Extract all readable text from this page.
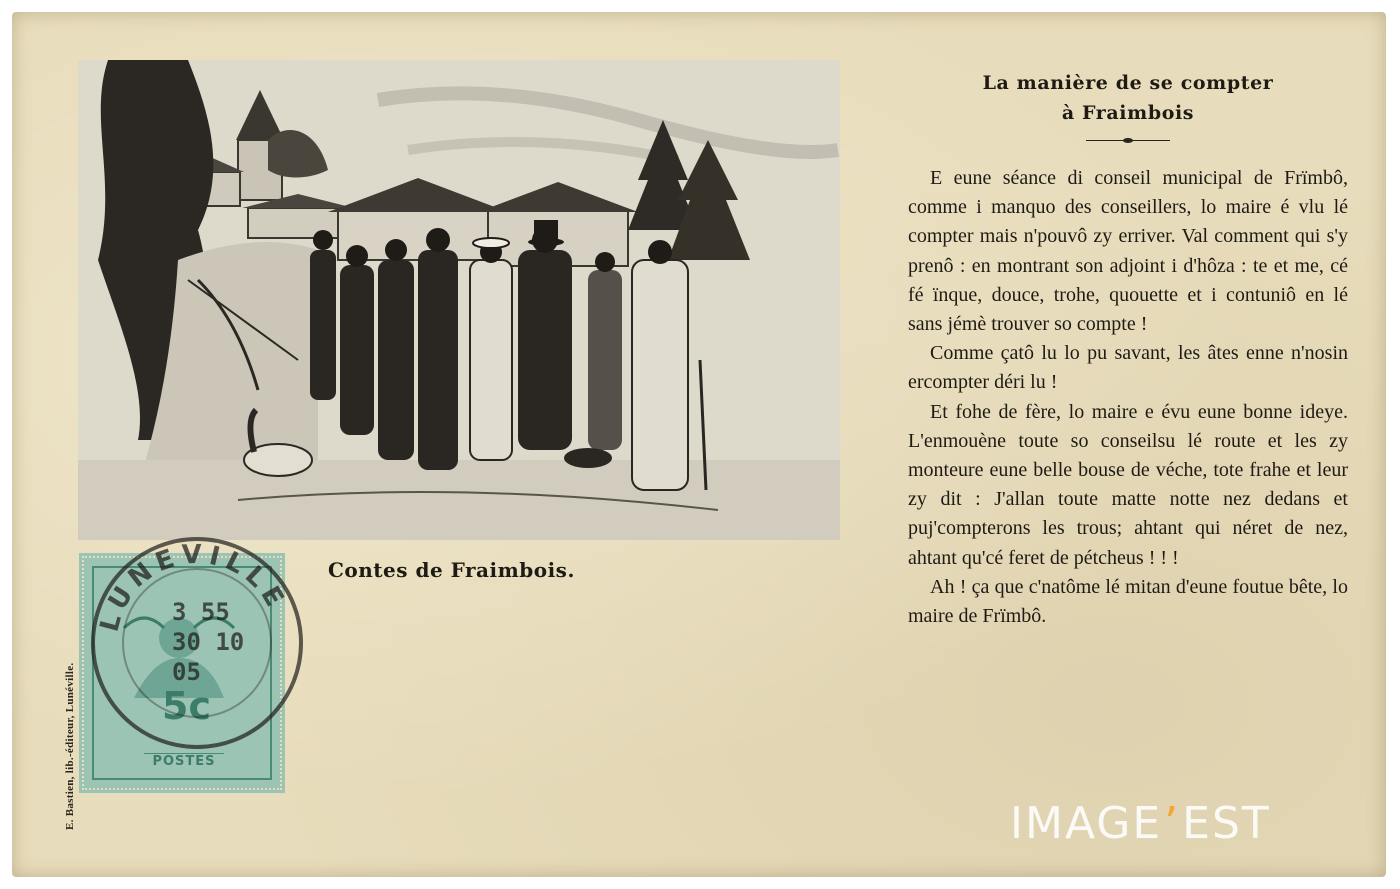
Contes de Fraimbois.
E. Bastien, lib.-éditeur, Lunéville. 5c
POSTES
LUNEVILLE
3 55
30 10
05
La manière de se compter
à Fraimbois

E eune séance di conseil municipal de Frïmbô, comme i manquo des conseillers, lo maire é vlu lé compter mais n'pouvô zy erriver. Val comment qui s'y prenô : en montrant son adjoint i d'hôza : te et me, cé fé ïnque, douce, trohe, quouette et i contuniô en lé sans jémè trouver so compte !

Comme çatô lu lo pu savant, les âtes enne n'nosin ercompter déri lu !

Et fohe de fère, lo maire e évu eune bonne ideye. L'enmouène toute so conseilsu lé route et les zy monteure eune belle bouse de véche, tote frahe et leur zy dit : J'allan toute matte notte nez dedans et puj'compterons les trous; ahtant qui néret de nez, ahtant qu'cé feret de pétcheus ! ! !

Ah ! ça que c'natôme lé mitan d'eune foutue bête, lo maire de Frïmbô.

IMAGE’EST
